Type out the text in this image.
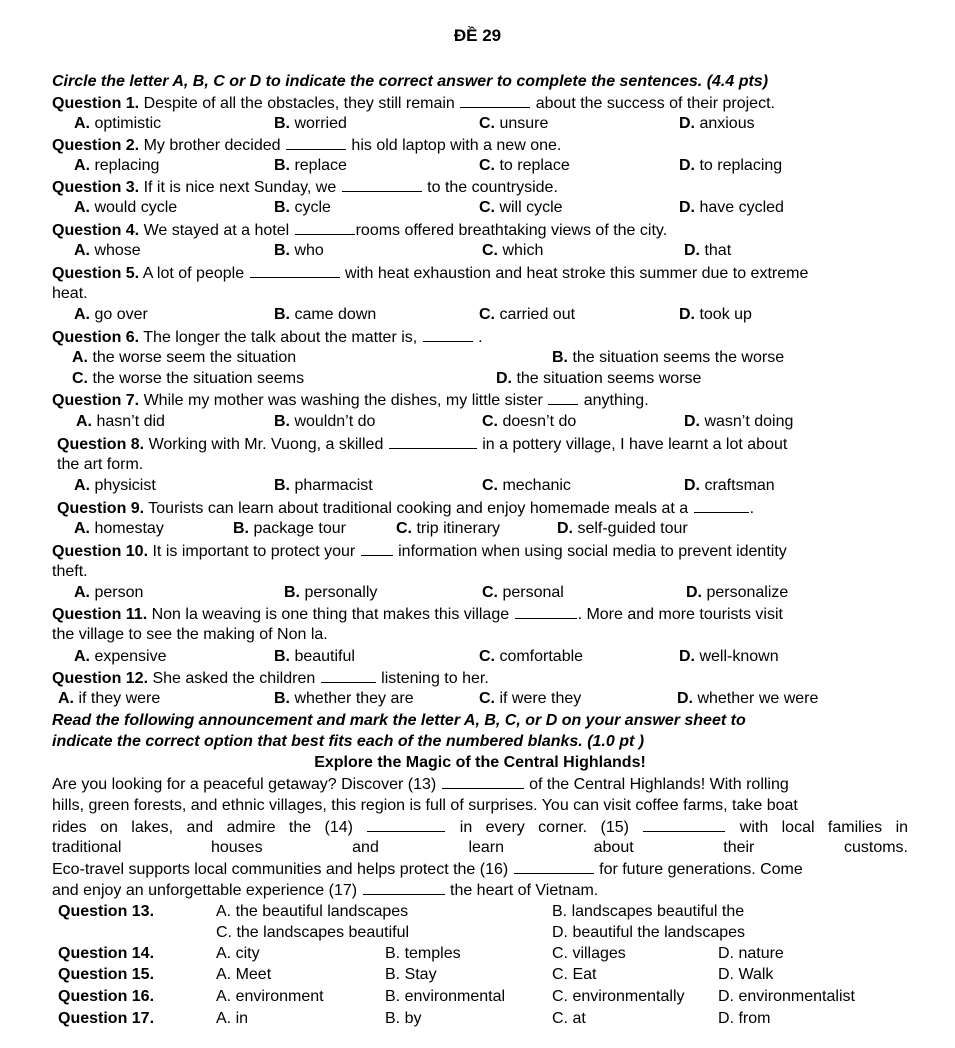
ĐỀ 29
Circle the letter A, B, C or D to indicate the correct answer to complete the sentences. (4.4 pts)
Question 1. Despite of all the obstacles, they still remain	about the success of their project.
A. optimistic	B. worried	C. unsure	D. anxious
Question 2. My brother decided	his old laptop with a new one.
A. replacing	B. replace	C. to replace	D. to replacing
Question 3. If it is nice next Sunday, we	to the countryside.
A. would cycle	B. cycle	C. will cycle	D. have cycled
Question 4. We stayed at a hotel	rooms offered breathtaking views of the city.
A. whose	B. who	C. which	D. that
Question 5. A lot of people	with heat exhaustion and heat stroke this summer due to extreme
heat.
A. go over	B. came down	C. carried out	D. took up
Question 6. The longer the talk about the matter is,	.
A. the worse seem the situation	B. the situation seems the worse
C. the worse the situation seems	D. the situation seems worse
Question 7. While my mother was washing the dishes, my little sister  anything.
A. hasn’t did	B. wouldn’t do	C. doesn’t do	D. wasn’t doing
Question 8. Working with Mr. Vuong, a skilled	in a pottery village, I have learnt a lot about
the art form.
A. physicist	B. pharmacist	C. mechanic	D. craftsman
Question 9. Tourists can learn about traditional cooking and enjoy homemade meals at a	.
A. homestay	B. package tour	C. trip itinerary	D. self-guided tour
Question 10. It is important to protect your  information when using social media to prevent identity
theft.
A. person	B. personally	C. personal	D. personalize
Question 11. Non la weaving is one thing that makes this village	. More and more tourists visit
the village to see the making of Non la.
A. expensive	B. beautiful	C. comfortable	D. well-known
Question 12. She asked the children	listening to her.
A. if they were	B. whether they are	C. if were they	D. whether we were
Read the following announcement and mark the letter A, B, C, or D on your answer sheet to
indicate the correct option that best fits each of the numbered blanks. (1.0 pt )
Explore the Magic of the Central Highlands!
Are you looking for a peaceful getaway? Discover (13)	of the Central Highlands! With rolling
hills, green forests, and ethnic villages, this region is full of surprises. You can visit coffee farms, take boat
rides on lakes, and admire the (14)	in every corner. (15)	with local families in
traditional houses and learn about their customs.
Eco-travel supports local communities and helps protect the (16)	for future generations. Come
and enjoy an unforgettable experience (17)	the heart of Vietnam.
Question 13.	A. the beautiful landscapes	B. landscapes beautiful the
C. the landscapes beautiful	D. beautiful the landscapes
Question 14.	A. city	B. temples	C. villages	D. nature
Question 15.	A. Meet	B. Stay	C. Eat	D. Walk
Question 16.	A. environment	B. environmental	C. environmentally D. environmentalist
Question 17.	A. in	B. by	C. at	D. from
